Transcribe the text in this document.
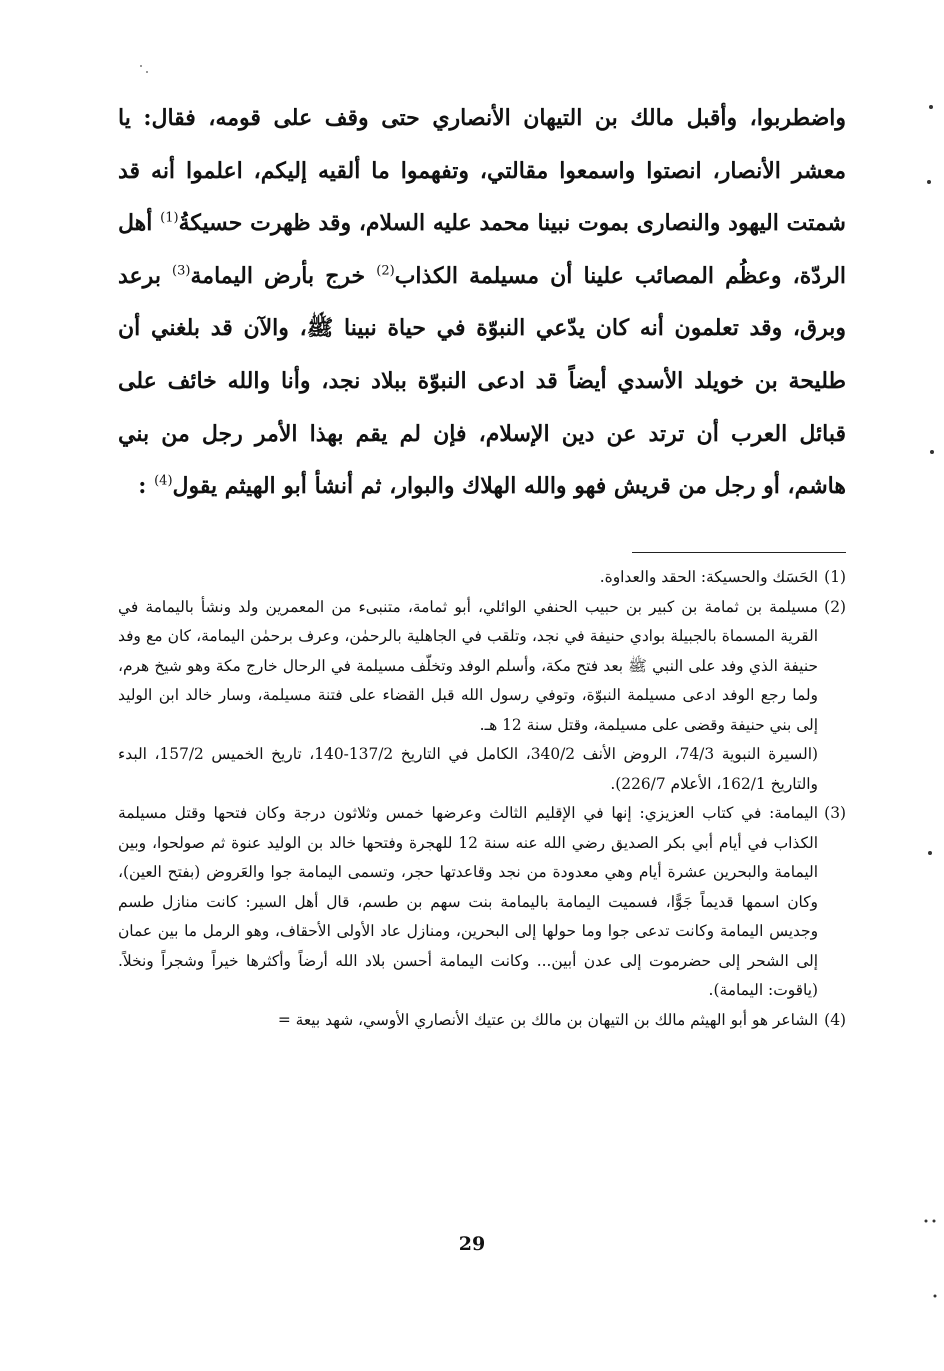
واضطربوا، وأقبل مالك بن التيهان الأنصاري حتى وقف على قومه، فقال: يا معشر الأنصار، انصتوا واسمعوا مقالتي، وتفهموا ما ألقيه إليكم، اعلموا أنه قد شمتت اليهود والنصارى بموت نبينا محمد عليه السلام، وقد ظهرت حسيكةُ$^{(1)}$ أهل الردّة، وعظُم المصائب علينا أن مسيلمة الكذاب$^{(2)}$ خرج بأرض اليمامة$^{(3)}$ برعد وبرق، وقد تعلمون أنه كان يدّعي النبوّة في حياة نبينا ﷺ، والآن قد بلغني أن طليحة بن خويلد الأسدي أيضاً قد ادعى النبوّة ببلاد نجد، وأنا والله خائف على قبائل العرب أن ترتد عن دين الإسلام، فإن لم يقم بهذا الأمر رجل من بني هاشم، أو رجل من قريش فهو والله الهلاك والبوار، ثم أنشأ أبو الهيثم يقول$^{(4)}$ :

(1)
الحَسَك والحسيكة: الحقد والعداوة.

(2)
مسيلمة بن ثمامة بن كبير بن حبيب الحنفي الوائلي، أبو ثمامة، متنبىء من المعمرين ولد ونشأ باليمامة في القرية المسماة بالجبيلة بوادي حنيفة في نجد، وتلقب في الجاهلية بالرحمٰن، وعرف برحمٰن اليمامة، كان مع وفد حنيفة الذي وفد على النبي ﷺ بعد فتح مكة، وأسلم الوفد وتخلّف مسيلمة في الرحال خارج مكة وهو شيخ هرم، ولما رجع الوفد ادعى مسيلمة النبوّة، وتوفي رسول الله قبل القضاء على فتنة مسيلمة، وسار خالد ابن الوليد إلى بني حنيفة وقضى على مسيلمة، وقتل سنة 12 هـ.

(السيرة النبوية 74/3، الروض الأنف 340/2، الكامل في التاريخ 137/2-140، تاريخ الخميس 157/2، البدء والتاريخ 162/1، الأعلام 226/7).

(3)
اليمامة: في كتاب العزيزي: إنها في الإقليم الثالث وعرضها خمس وثلاثون درجة وكان فتحها وقتل مسيلمة الكذاب في أيام أبي بكر الصديق رضي الله عنه سنة 12 للهجرة وفتحها خالد بن الوليد عنوة ثم صولحوا، وبين اليمامة والبحرين عشرة أيام وهي معدودة من نجد وقاعدتها حجر، وتسمى اليمامة جوا والعَروض (بفتح العين)، وكان اسمها قديماً جَوًّا، فسميت اليمامة باليمامة بنت سهم بن طسم، قال أهل السير: كانت منازل طسم وجديس اليمامة وكانت تدعى جوا وما حولها إلى البحرين، ومنازل عاد الأولى الأحقاف، وهو الرمل ما بين عمان إلى الشحر إلى حضرموت إلى عدن أبين... وكانت اليمامة أحسن بلاد الله أرضاً وأكثرها خيراً وشجراً ونخلاً. (ياقوت: اليمامة).

(4)
الشاعر هو أبو الهيثم مالك بن التيهان بن مالك بن عتيك الأنصاري الأوسي، شهد بيعة =

29
